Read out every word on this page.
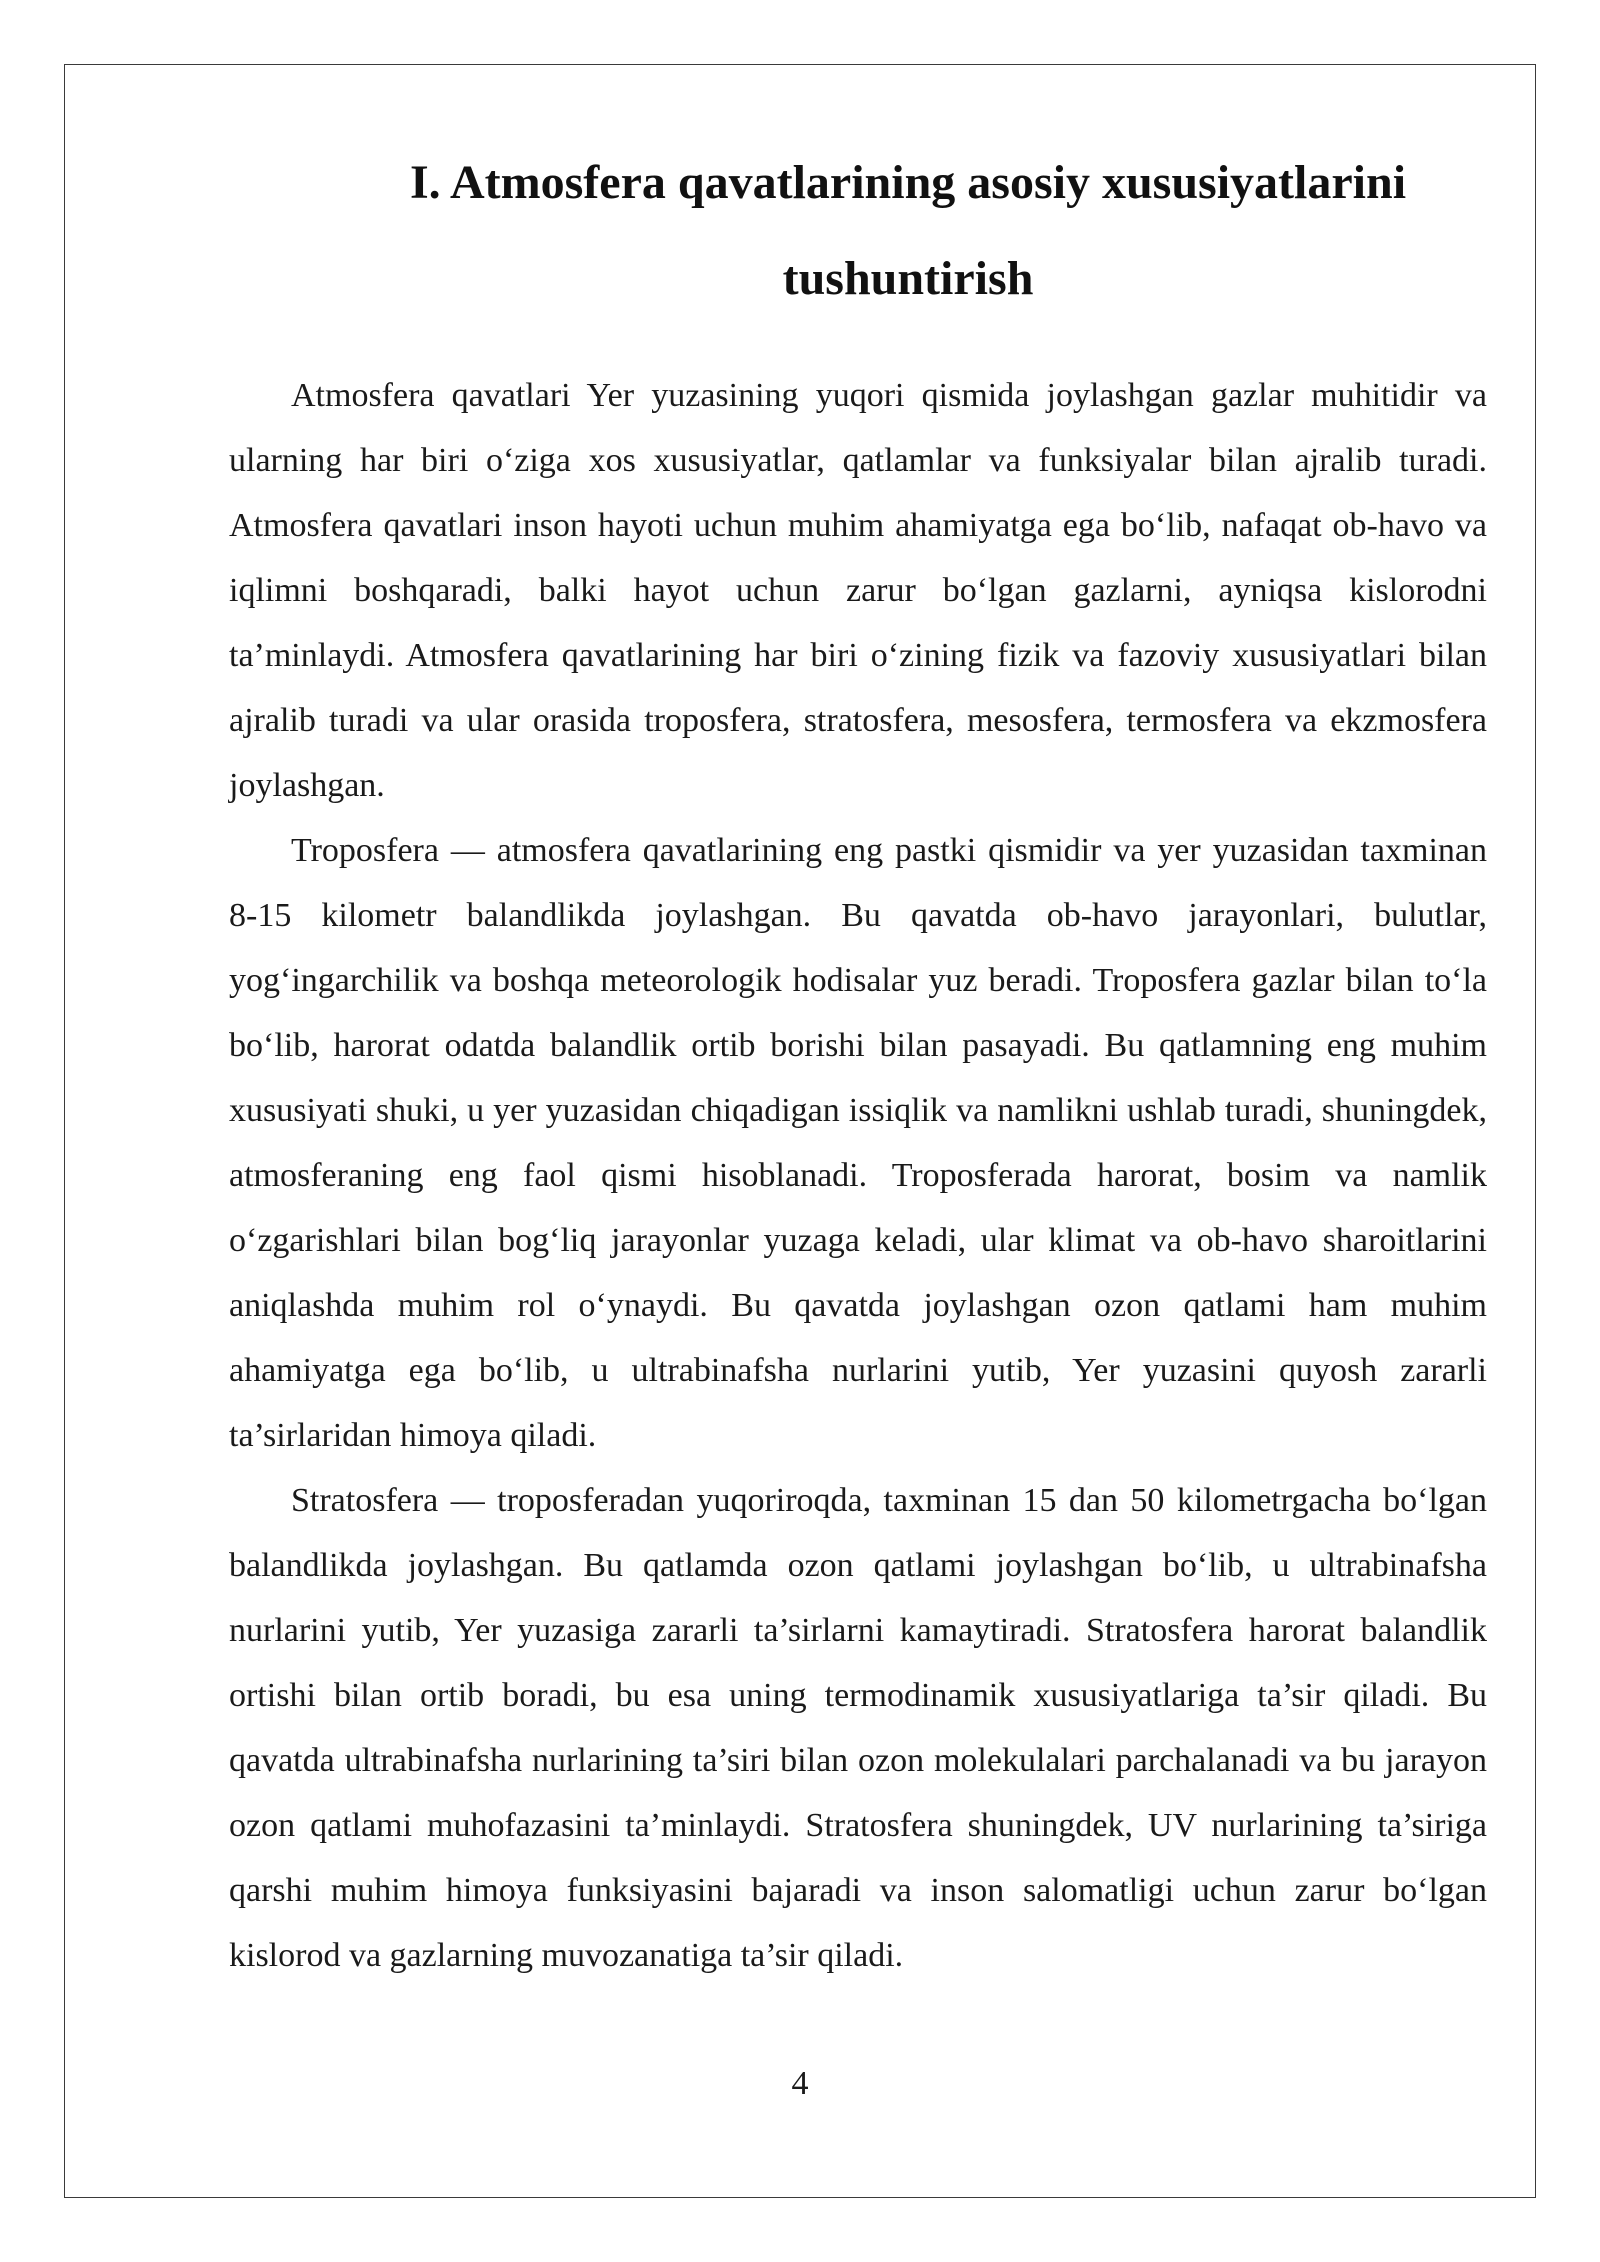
I. Atmosfera qavatlarining asosiy xususiyatlarini
tushuntirish

Atmosfera qavatlari Yer yuzasining yuqori qismida joylashgan gazlar muhitidir va ularning har biri o‘ziga xos xususiyatlar, qatlamlar va funksiyalar bilan ajralib turadi. Atmosfera qavatlari inson hayoti uchun muhim ahamiyatga ega bo‘lib, nafaqat ob-havo va iqlimni boshqaradi, balki hayot uchun zarur bo‘lgan gazlarni, ayniqsa kislorodni ta’minlaydi. Atmosfera qavatlarining har biri o‘zining fizik va fazoviy xususiyatlari bilan ajralib turadi va ular orasida troposfera, stratosfera, mesosfera, termosfera va ekzmosfera joylashgan.

Troposfera — atmosfera qavatlarining eng pastki qismidir va yer yuzasidan taxminan 8-15 kilometr balandlikda joylashgan. Bu qavatda ob-havo jarayonlari, bulutlar, yog‘ingarchilik va boshqa meteorologik hodisalar yuz beradi. Troposfera gazlar bilan to‘la bo‘lib, harorat odatda balandlik ortib borishi bilan pasayadi. Bu qatlamning eng muhim xususiyati shuki, u yer yuzasidan chiqadigan issiqlik va namlikni ushlab turadi, shuningdek, atmosferaning eng faol qismi hisoblanadi. Troposferada harorat, bosim va namlik o‘zgarishlari bilan bog‘liq jarayonlar yuzaga keladi, ular klimat va ob-havo sharoitlarini aniqlashda muhim rol o‘ynaydi. Bu qavatda joylashgan ozon qatlami ham muhim ahamiyatga ega bo‘lib, u ultrabinafsha nurlarini yutib, Yer yuzasini quyosh zararli ta’sirlaridan himoya qiladi.

Stratosfera — troposferadan yuqoriroqda, taxminan 15 dan 50 kilometrgacha bo‘lgan balandlikda joylashgan. Bu qatlamda ozon qatlami joylashgan bo‘lib, u ultrabinafsha nurlarini yutib, Yer yuzasiga zararli ta’sirlarni kamaytiradi. Stratosfera harorat balandlik ortishi bilan ortib boradi, bu esa uning termodinamik xususiyatlariga ta’sir qiladi. Bu qavatda ultrabinafsha nurlarining ta’siri bilan ozon molekulalari parchalanadi va bu jarayon ozon qatlami muhofazasini ta’minlaydi. Stratosfera shuningdek, UV nurlarining ta’siriga qarshi muhim himoya funksiyasini bajaradi va inson salomatligi uchun zarur bo‘lgan kislorod va gazlarning muvozanatiga ta’sir qiladi.

4
